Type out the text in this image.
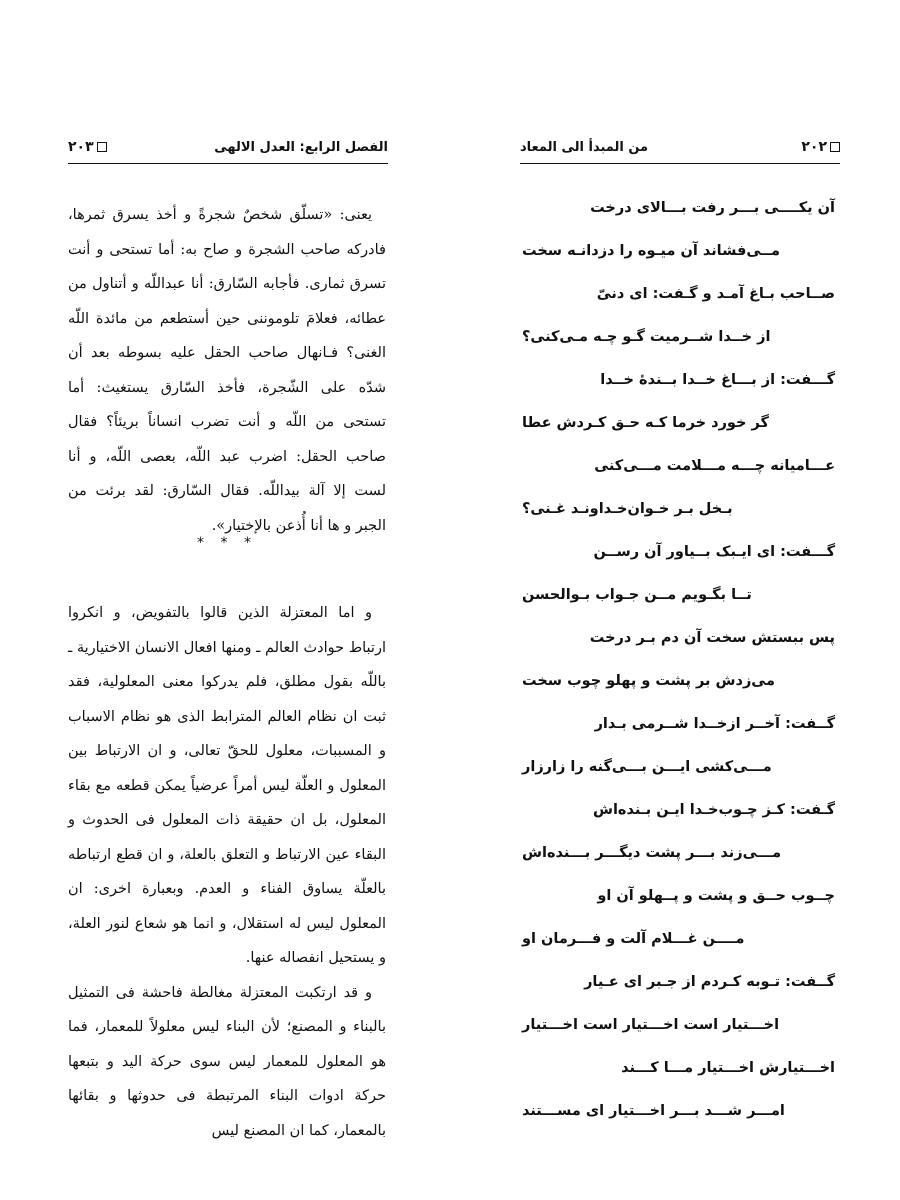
۲۰۳	الفصل الرابع: العدل الالهی

یعنی: «تسلّق شخصٌ شجرةً و أخذ یسرق ثمرها، فادرکه صاحب الشجرة و صاح به: أما تستحی و أنت تسرق ثماری. فأجابه السّارق: أنا عبداللّه و أتناول من عطائه، فعلامَ تلوموننی حین أستطعم من مائدة اللّه الغنی؟ فـانهال صاحب الحقل علیه بسوطه بعد أن شدّه علی الشّجرة، فأخذ السّارق یستغیث: أما تستحی من اللّه و أنت تضرب انساناً بریئاً؟ فقال صاحب الحقل: اضرب عبد اللّه، بعصی اللّه، و أنا لست إلا آلة بیداللّه. فقال السّارق: لقد برئت من الجبر و ها أنا أُذعن بالإختیار».

* * *

و اما المعتزلة الذین قالوا بالتفویض، و انکروا ارتباط حوادث العالم ـ ومنها افعال الانسان الاختیاریة ـ باللّه بقول مطلق، فلم یدرکوا معنی المعلولیة، فقد ثبت ان نظام العالم المترابط الذی هو نظام الاسباب و المسببات، معلول للحقّ تعالی، و ان الارتباط بین المعلول و العلّة لیس أمراً عرضیاً یمکن قطعه مع بقاء المعلول، بل ان حقیقة ذات المعلول فی الحدوث و البقاء عین الارتباط و التعلق بالعلة، و ان قطع ارتباطه بالعلّة یساوق الفناء و العدم. وبعبارة اخری: ان المعلول لیس له استقلال، و انما هو شعاع لنور العلة، و یستحیل انفصاله عنها.

و قد ارتکبت المعتزلة مغالطة فاحشة فی التمثیل بالبناء و المصنع؛ لأن البناء لیس معلولاً للمعمار، فما هو المعلول للمعمار لیس سوی حرکة الید و بتبعها حرکة ادوات البناء المرتبطة فی حدوثها و بقائها بالمعمار، کما ان المصنع لیس

من المبدأ الی المعاد	۲۰۲
آن یکــــی بـــر رفت بـــالای درخت
مــی‌فشاند آن میـوه را دزدانـه سخت
صــاحب بـاغ آمـد و گـفت: ای دنیّ
از خــدا شــرمیت گـو چـه مـی‌کنی؟
گـــفت: از بـــاغ خــدا بــندهٔ خــدا
گر خورد خرما کـه حـق کـردش عطا
عـــامیانه چـــه مـــلامت مـــی‌کنی
بـخل بـر خـوان‌خـداونـد غـنی؟
گـــفت: ای ایـبک بــیاور آن رســن
تــا بگـویم مــن جـواب بـوالحسن
پس ببستش سخت آن دم بـر درخت
می‌زدش بر پشت و پهلو چوب سخت
گــفت: آخــر ازخــدا شــرمی بـدار
مـــی‌کشی ایـــن بـــی‌گنه را زارزار
گـفت: کـز چـوب‌خـدا ایـن بـنده‌اش
مـــی‌زند بـــر پشت دیگـــر بـــنده‌اش
چــوب حــق و پشت و پــهلو آن او
مــــن غـــلام آلت و فـــرمان او
گــفت: تـوبه کـردم از جـبر ای عـیار
اخـــتیار است اخـــتیار است اخـــتیار
اخـــتیارش اخـــتیار مـــا کـــند
امـــر شـــد بـــر اخـــتیار ای مســـتند
